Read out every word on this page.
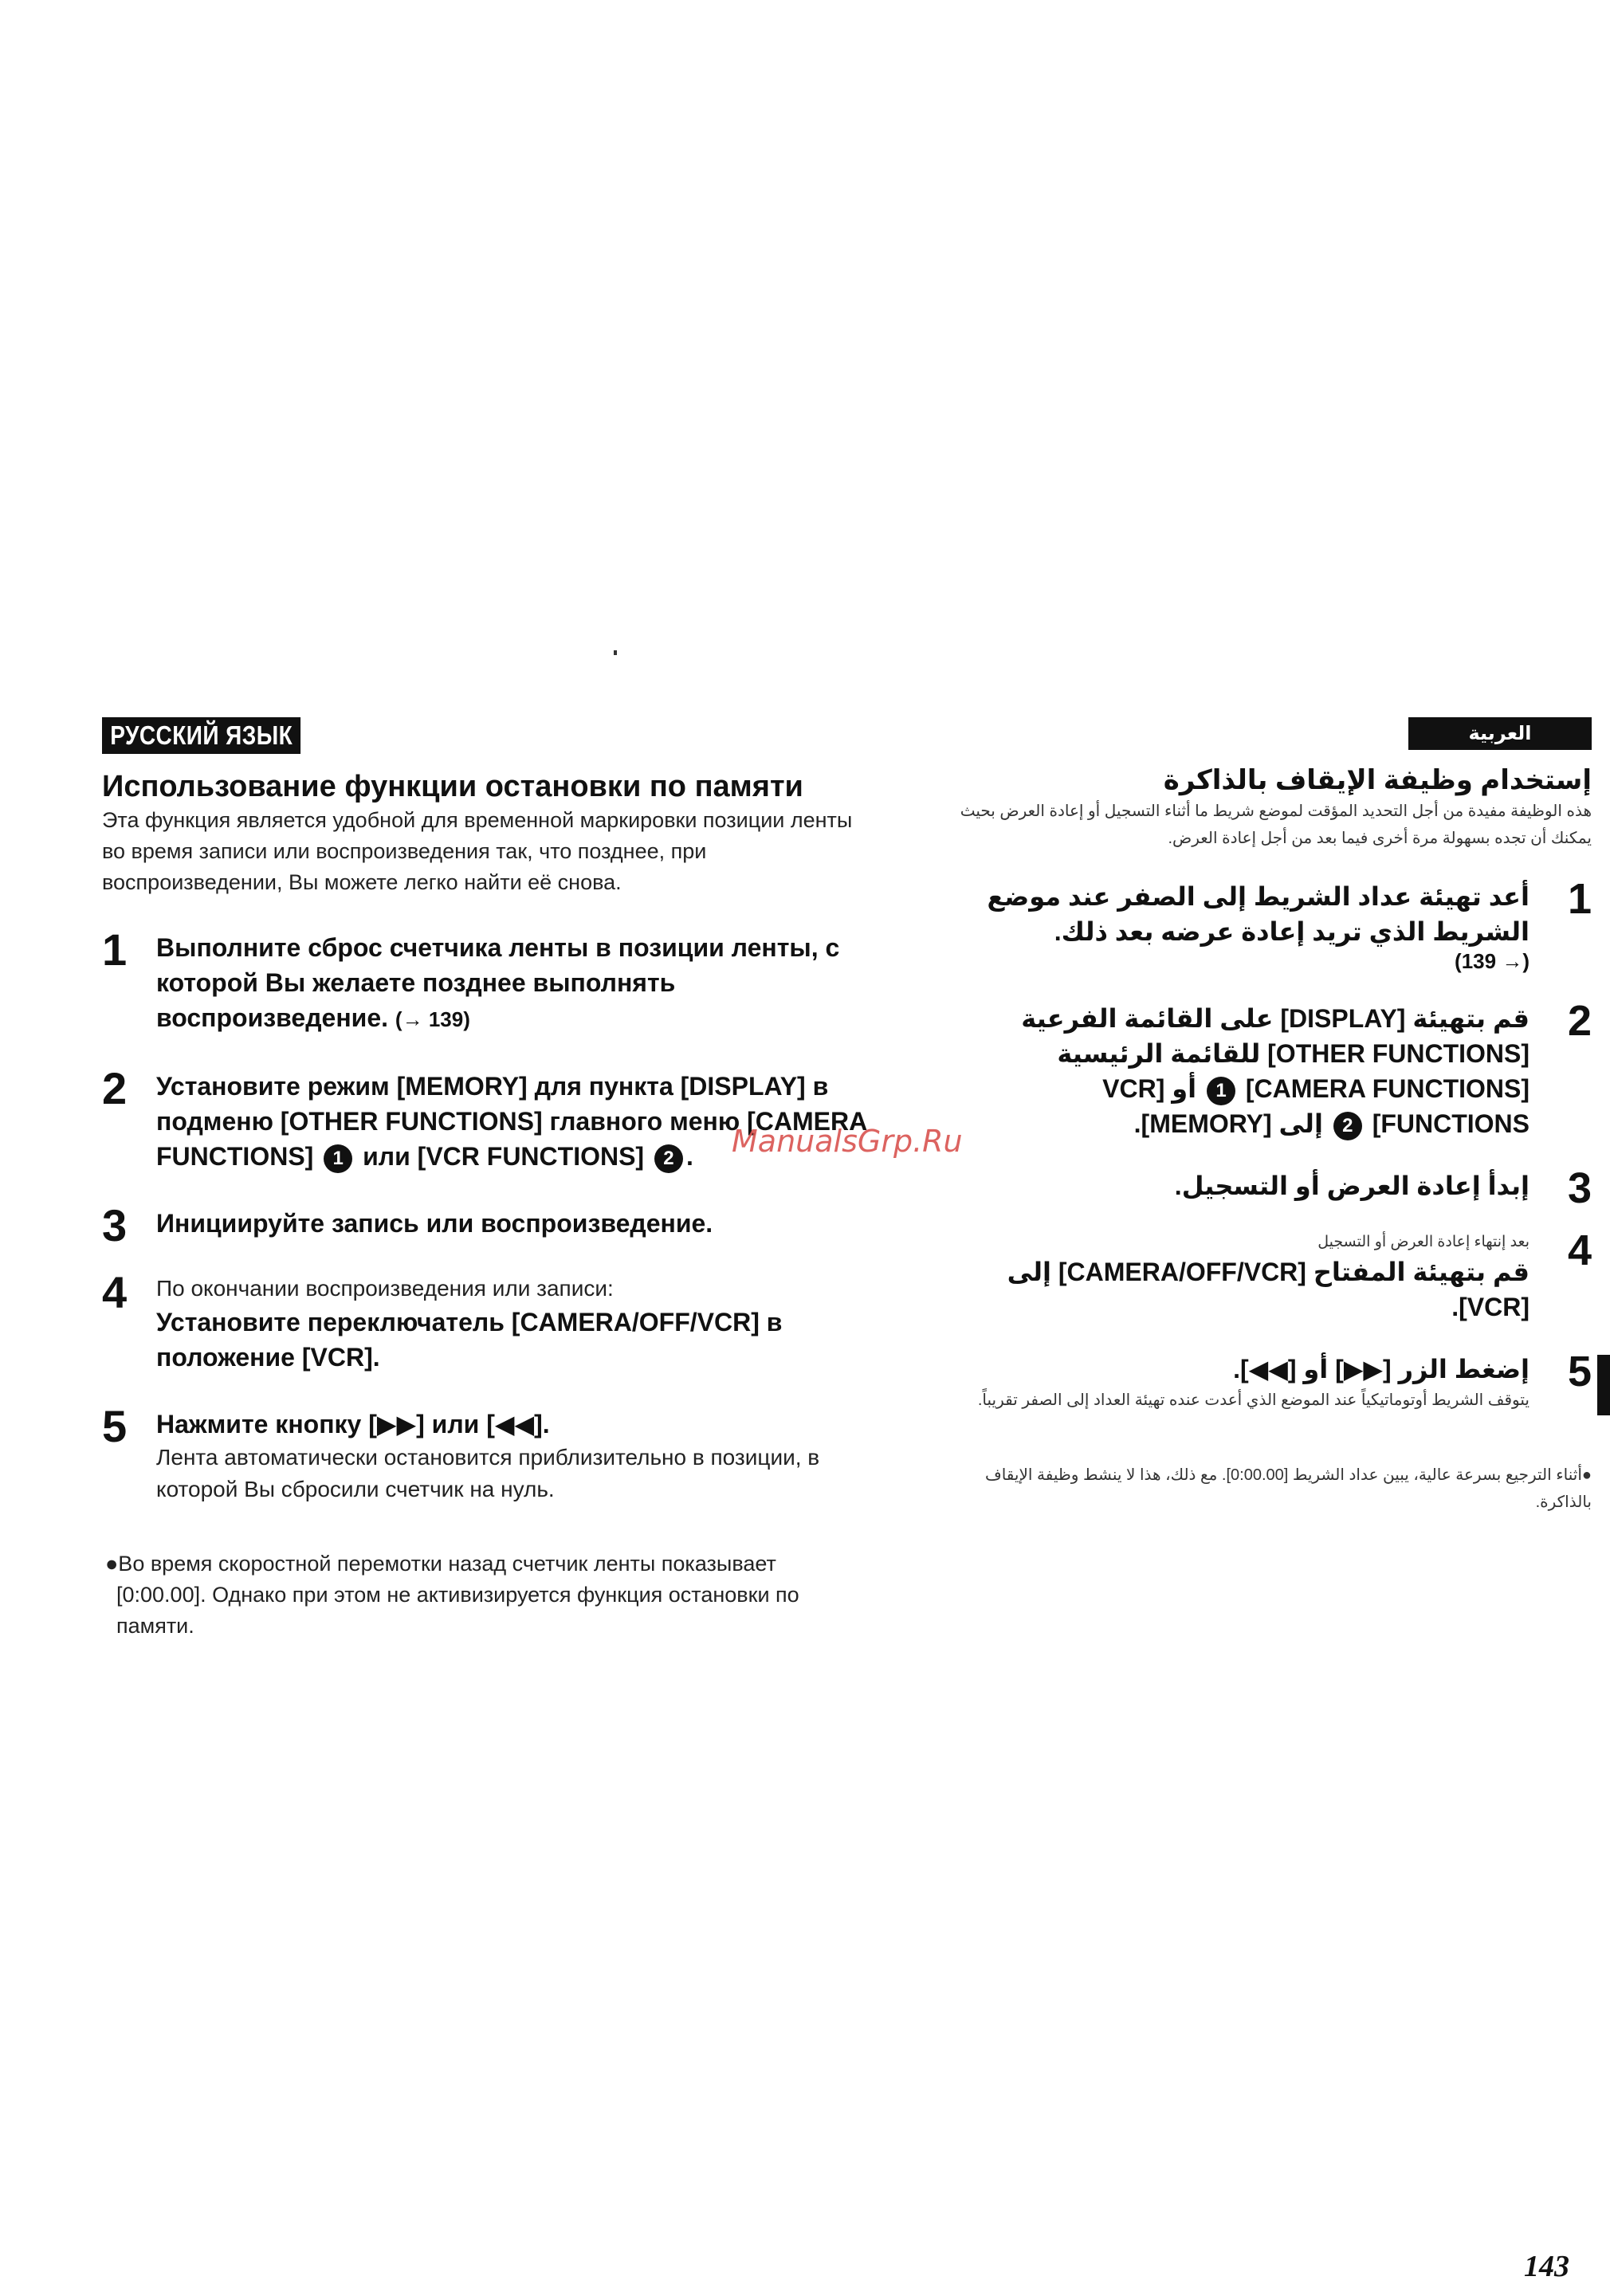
РУССКИЙ ЯЗЫК
Использование функции остановки по памяти
Эта функция является удобной для временной маркировки позиции ленты во время записи или воспроизведения так, что позднее, при воспроизведении, Вы можете легко найти её снова.
1 Выполните сброс счетчика ленты в позиции ленты, с которой Вы желаете позднее выполнять воспроизведение. (→ 139)
2 Установите режим [MEMORY] для пункта [DISPLAY] в подменю [OTHER FUNCTIONS] главного меню [CAMERA FUNCTIONS] 1 или [VCR FUNCTIONS] 2 .
3 Инициируйте запись или воспроизведение.
4 По окончании воспроизведения или записи:
Установите переключатель [CAMERA/OFF/VCR] в положение [VCR].
5 Нажмите кнопку [▶▶] или [◀◀].
Лента автоматически остановится приблизительно в позиции, в которой Вы сбросили счетчик на нуль.
●Во время скоростной перемотки назад счетчик ленты показывает [0:00.00]. Однако при этом не активизируется функция остановки по памяти.
العربية
إستخدام وظيفة الإيقاف بالذاكرة
هذه الوظيفة مفيدة من أجل التحديد المؤقت لموضع شريط ما أثناء التسجيل أو إعادة العرض بحيث يمكنك أن تجده بسهولة مرة أخرى فيما بعد من أجل إعادة العرض.
1
أعد تهيئة عداد الشريط إلى الصفر عند موضع الشريط الذي تريد إعادة عرضه بعد ذلك.
(→ 139)
2
قم بتهيئة [DISPLAY] على القائمة الفرعية [OTHER FUNCTIONS] للقائمة الرئيسية [CAMERA FUNCTIONS] 1 أو [VCR FUNCTIONS] 2 إلى [MEMORY].
3
إبدأ إعادة العرض أو التسجيل.
4
بعد إنتهاء إعادة العرض أو التسجيل
قم بتهيئة المفتاح [CAMERA/OFF/VCR] إلى [VCR].
5
إضغط الزر [▶▶] أو [◀◀].
يتوقف الشريط أوتوماتيكياً عند الموضع الذي أعدت عنده تهيئة العداد إلى الصفر تقريباً.
●أثناء الترجيع بسرعة عالية، يبين عداد الشريط [0:00.00]. مع ذلك، هذا لا ينشط وظيفة الإيقاف بالذاكرة.
ManualsGrp.Ru
143
